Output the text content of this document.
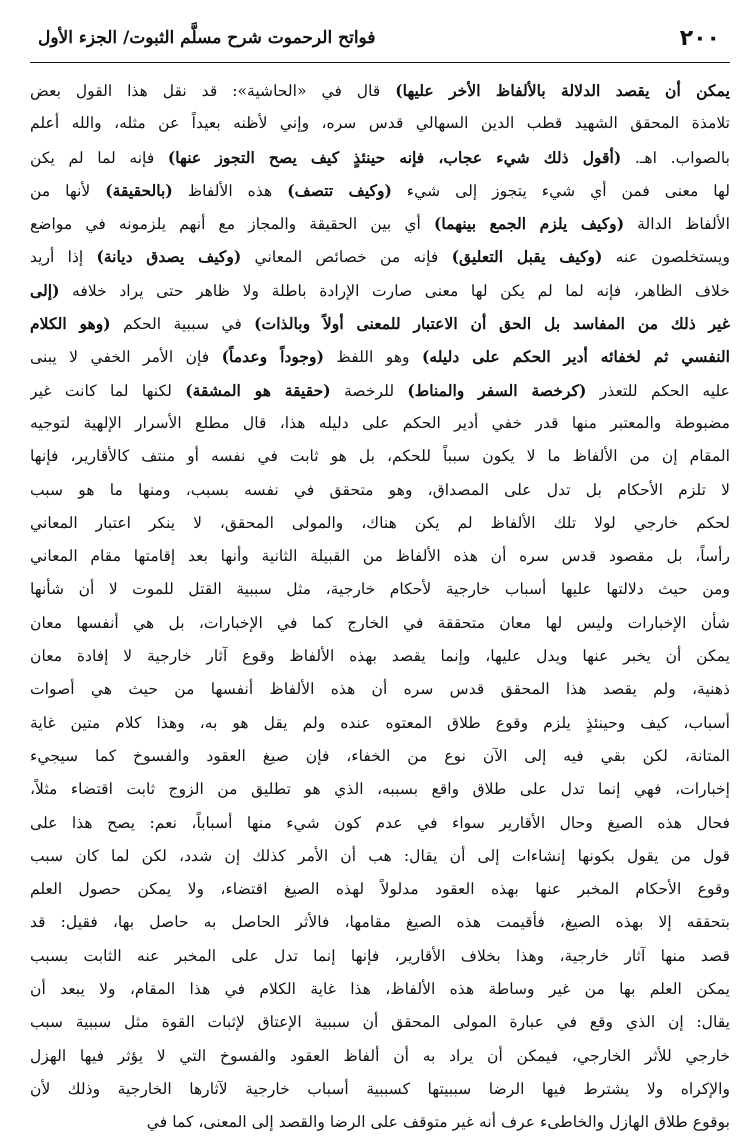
٢٠٠
فواتح الرحموت شرح مسلَّم الثبوت/ الجزء الأول
يمكن أن يقصد الدلالة بالألفاظ الأخر عليها) قال في «الحاشية»: قد نقل هذا القول بعض
تلامذة المحقق الشهيد قطب الدين السهالي قدس سره، وإني لأظنه بعيداً عن مثله، والله أعلم
بالصواب. اهـ. (أقول ذلك شيء عجاب، فإنه حينئذٍ كيف يصح التجوز عنها) فإنه لما لم يكن
لها معنى فمن أي شيء يتجوز إلى شيء (وكيف تتصف) هذه الألفاظ (بالحقيقة) لأنها من
الألفاظ الدالة (وكيف يلزم الجمع بينهما) أي بين الحقيقة والمجاز مع أنهم يلزمونه في مواضع
ويستخلصون عنه (وكيف يقبل التعليق) فإنه من خصائص المعاني (وكيف يصدق ديانة) إذا أريد
خلاف الظاهر، فإنه لما لم يكن لها معنى صارت الإرادة باطلة ولا ظاهر حتى يراد خلافه (إلى
غير ذلك من المفاسد بل الحق أن الاعتبار للمعنى أولاً وبالذات) في سببية الحكم (وهو الكلام
النفسي ثم لخفائه أدير الحكم على دليله) وهو اللفظ (وجوداً وعدماً) فإن الأمر الخفي لا يبنى
عليه الحكم للتعذر (كرخصة السفر والمناط) للرخصة (حقيقة هو المشقة) لكنها لما كانت غير
مضبوطة والمعتبر منها قدر خفي أدير الحكم على دليله هذا، قال مطلع الأسرار الإلهية لتوجيه
المقام إن من الألفاظ ما لا يكون سبباً للحكم، بل هو ثابت في نفسه أو منتف كالأقارير، فإنها
لا تلزم الأحكام بل تدل على المصداق، وهو متحقق في نفسه بسبب، ومنها ما هو سبب
لحكم خارجي لولا تلك الألفاظ لم يكن هناك، والمولى المحقق، لا ينكر اعتبار المعاني
رأساً، بل مقصود قدس سره أن هذه الألفاظ من القبيلة الثانية وأنها بعد إقامتها مقام المعاني
ومن حيث دلالتها عليها أسباب خارجية لأحكام خارجية، مثل سببية القتل للموت لا أن شأنها
شأن الإخبارات وليس لها معان متحققة في الخارج كما في الإخبارات، بل هي أنفسها معان
يمكن أن يخبر عنها ويدل عليها، وإنما يقصد بهذه الألفاظ وقوع آثار خارجية لا إفادة معان
ذهنية، ولم يقصد هذا المحقق قدس سره أن هذه الألفاظ أنفسها من حيث هي أصوات
أسباب، كيف وحينئذٍ يلزم وقوع طلاق المعتوه عنده ولم يقل هو به، وهذا كلام متين غاية
المتانة، لكن بقي فيه إلى الآن نوع من الخفاء، فإن صيغ العقود والفسوخ كما سيجيء
إخبارات، فهي إنما تدل على طلاق واقع بسببه، الذي هو تطليق من الزوج ثابت اقتضاء مثلاً،
فحال هذه الصيغ وحال الأقارير سواء في عدم كون شيء منها أسباباً، نعم: يصح هذا على
قول من يقول بكونها إنشاءات إلى أن يقال: هب أن الأمر كذلك إن شدد، لكن لما كان سبب
وقوع الأحكام المخبر عنها بهذه العقود مدلولاً لهذه الصيغ اقتضاء، ولا يمكن حصول العلم
بتحققه إلا بهذه الصيغ، فأقيمت هذه الصيغ مقامها، فالأثر الحاصل به حاصل بها، فقيل: قد
قصد منها آثار خارجية، وهذا بخلاف الأقارير، فإنها إنما تدل على المخبر عنه الثابت بسبب
يمكن العلم بها من غير وساطة هذه الألفاظ، هذا غاية الكلام في هذا المقام، ولا يبعد أن
يقال: إن الذي وقع في عبارة المولى المحقق أن سببية الإعتاق لإثبات القوة مثل سببية سبب
خارجي للأثر الخارجي، فيمكن أن يراد به أن ألفاظ العقود والفسوخ التي لا يؤثر فيها الهزل
والإكراه ولا يشترط فيها الرضا سببيتها كسببية أسباب خارجية لآثارها الخارجية وذلك لأن
بوقوع طلاق الهازل والخاطىء عرف أنه غير متوقف على الرضا والقصد إلى المعنى، كما في
